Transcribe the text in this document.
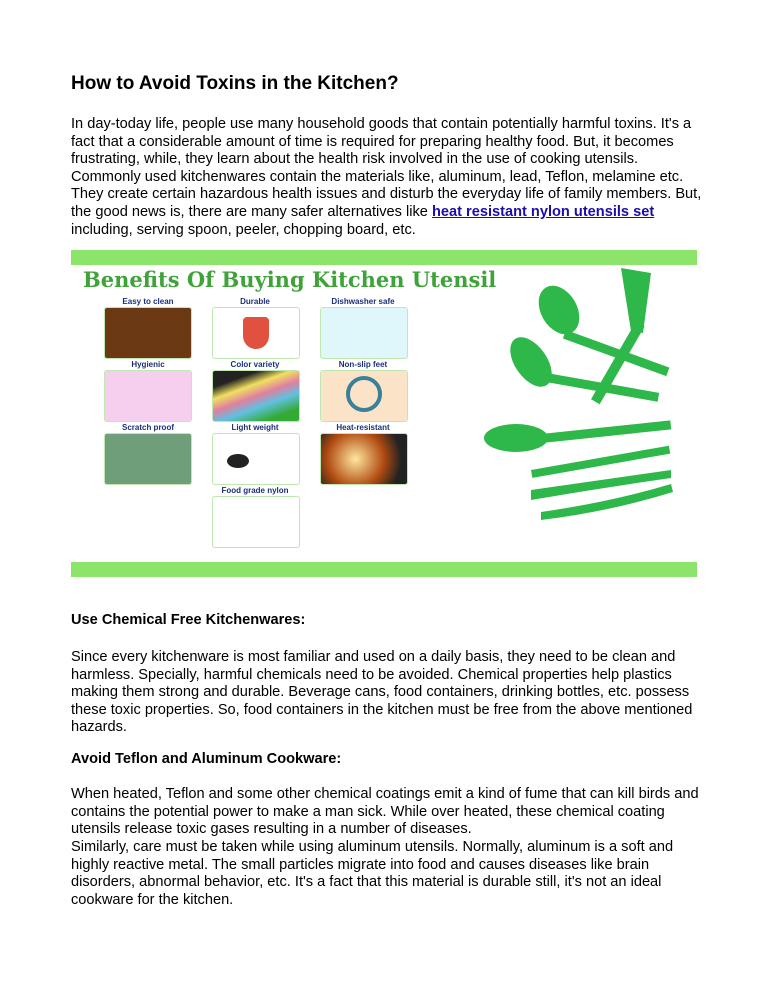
How to Avoid Toxins in the Kitchen?

In day-today life, people use many household goods that contain potentially harmful toxins. It's a fact that a considerable amount of time is required for preparing healthy food. But, it becomes frustrating, while, they learn about the health risk involved in the use of cooking utensils. Commonly used kitchenwares contain the materials like, aluminum, lead, Teflon, melamine etc. They create certain hazardous health issues and disturb the everyday life of family members. But, the good news is, there are many safer alternatives like heat resistant nylon utensils set including, serving spoon, peeler, chopping board, etc.

Benefits Of Buying Kitchen Utensil
Easy to clean	Durable	Dishwasher safe
Hygienic	Color variety	Non-slip feet
Scratch proof	Light weight	Heat-resistant
Food grade nylon
Use Chemical Free Kitchenwares:

Since every kitchenware is most familiar and used on a daily basis, they need to be clean and harmless. Specially, harmful chemicals need to be avoided. Chemical properties help plastics making them strong and durable. Beverage cans, food containers, drinking bottles, etc. possess these toxic properties. So, food containers in the kitchen must be free from the above mentioned hazards.

Avoid Teflon and Aluminum Cookware:

When heated, Teflon and some other chemical coatings emit a kind of fume that can kill birds and contains the potential power to make a man sick. While over heated, these chemical coating utensils release toxic gases resulting in a number of diseases.

Similarly, care must be taken while using aluminum utensils. Normally, aluminum is a soft and highly reactive metal. The small particles migrate into food and causes diseases like brain disorders, abnormal behavior, etc. It's a fact that this material is durable still, it's not an ideal cookware for the kitchen.
